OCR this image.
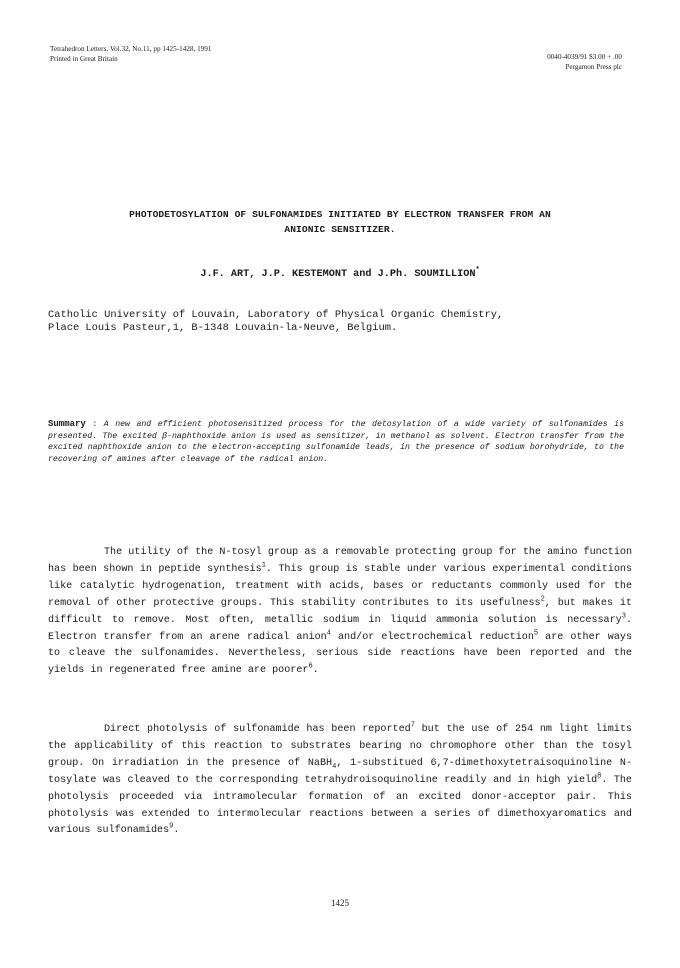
Tetrahedron Letters, Vol.32, No.11, pp 1425-1428, 1991
Printed in Great Britain	0040-4039/91 $3.00 + .00
Pergamon Press plc
PHOTODETOSYLATION OF SULFONAMIDES INITIATED BY ELECTRON TRANSFER FROM AN
ANIONIC SENSITIZER.
J.F. ART, J.P. KESTEMONT and J.Ph. SOUMILLION*
Catholic University of Louvain, Laboratory of Physical Organic Chemistry,
Place Louis Pasteur,1, B-1348 Louvain-la-Neuve, Belgium.
Summary : A new and efficient photosensitized process for the detosylation of a wide variety of sulfonamides is presented. The excited β-naphthoxide anion is used as sensitizer, in methanol as solvent. Electron transfer from the excited naphthoxide anion to the electron-accepting sulfonamide leads, in the presence of sodium borohydride, to the recovering of amines after cleavage of the radical anion.

The utility of the N-tosyl group as a removable protecting group for the amino function has been shown in peptide synthesis$^1$. This group is stable under various experimental conditions like catalytic hydrogenation, treatment with acids, bases or reductants commonly used for the removal of other protective groups. This stability contributes to its usefulness$^2$, but makes it difficult to remove. Most often, metallic sodium in liquid ammonia solution is necessary$^3$. Electron transfer from an arene radical anion$^4$ and/or electrochemical reduction$^5$ are other ways to cleave the sulfonamides. Nevertheless, serious side reactions have been reported and the yields in regenerated free amine are poorer$^6$.

Direct photolysis of sulfonamide has been reported$^7$ but the use of 254 nm light limits the applicability of this reaction to substrates bearing no chromophore other than the tosyl group. On irradiation in the presence of NaBH$_4$, 1-substitued 6,7-dimethoxytetraisoquinoline N-tosylate was cleaved to the corresponding tetrahydroisoquinoline readily and in high yield$^8$. The photolysis proceeded via intramolecular formation of an excited donor-acceptor pair. This photolysis was extended to intermolecular reactions between a series of dimethoxyaromatics and various sulfonamides$^9$.

1425
